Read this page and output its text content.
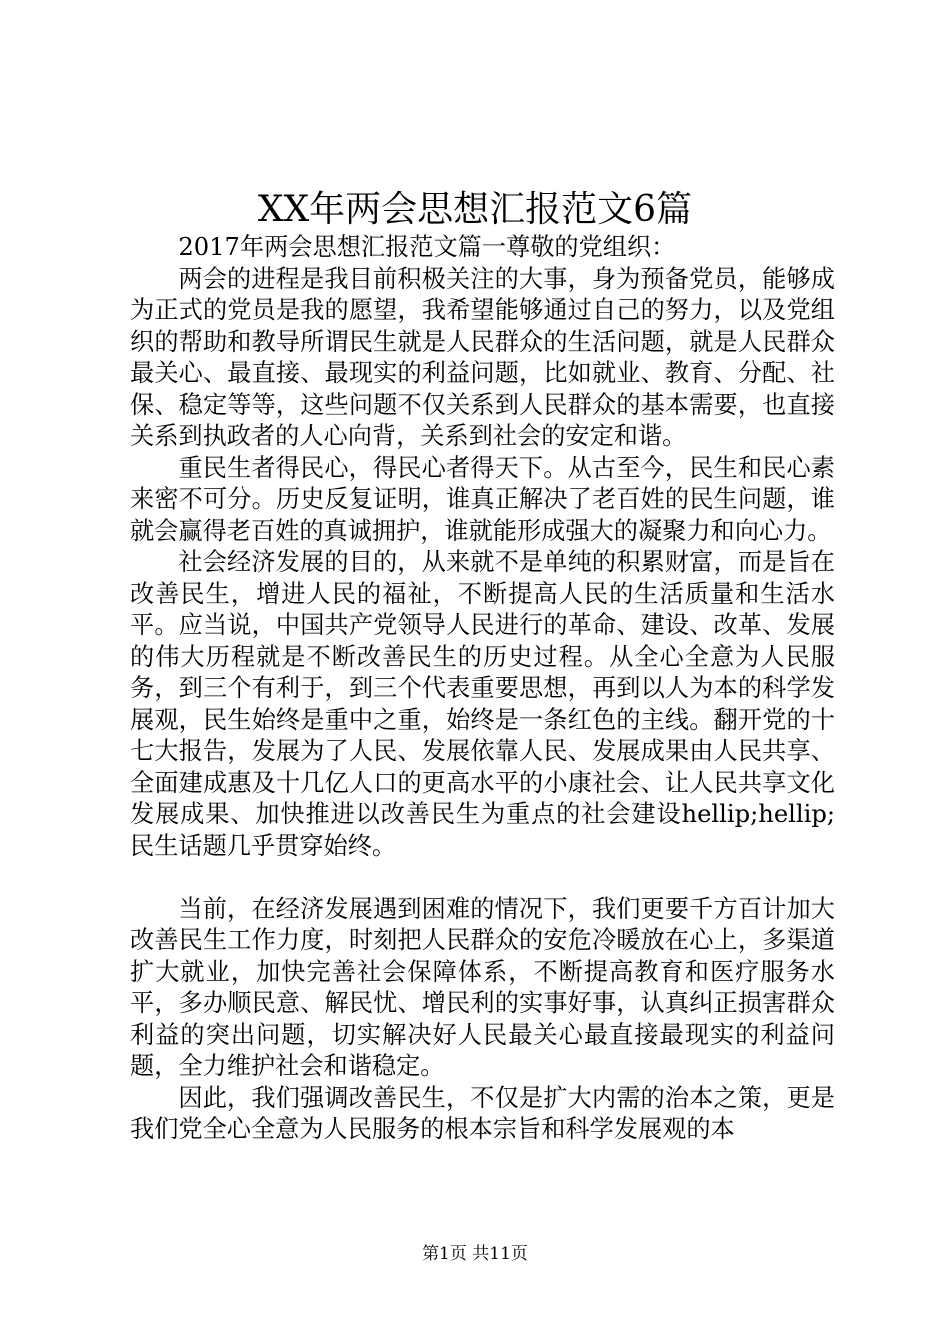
XX年两会思想汇报范文6篇

2017年两会思想汇报范文篇一尊敬的党组织：

两会的进程是我目前积极关注的大事，身为预备党员，能够成为正式的党员是我的愿望，我希望能够通过自己的努力，以及党组织的帮助和教导所谓民生就是人民群众的生活问题，就是人民群众最关心、最直接、最现实的利益问题，比如就业、教育、分配、社保、稳定等等，这些问题不仅关系到人民群众的基本需要，也直接关系到执政者的人心向背，关系到社会的安定和谐。

重民生者得民心，得民心者得天下。从古至今，民生和民心素来密不可分。历史反复证明，谁真正解决了老百姓的民生问题，谁就会赢得老百姓的真诚拥护，谁就能形成强大的凝聚力和向心力。

社会经济发展的目的，从来就不是单纯的积累财富，而是旨在改善民生，增进人民的福祉，不断提高人民的生活质量和生活水平。应当说，中国共产党领导人民进行的革命、建设、改革、发展的伟大历程就是不断改善民生的历史过程。从全心全意为人民服务，到三个有利于，到三个代表重要思想，再到以人为本的科学发展观，民生始终是重中之重，始终是一条红色的主线。翻开党的十七大报告，发展为了人民、发展依靠人民、发展成果由人民共享、全面建成惠及十几亿人口的更高水平的小康社会、让人民共享文化发展成果、加快推进以改善民生为重点的社会建设hellip;hellip;民生话题几乎贯穿始终。

当前，在经济发展遇到困难的情况下，我们更要千方百计加大改善民生工作力度，时刻把人民群众的安危冷暖放在心上，多渠道扩大就业，加快完善社会保障体系，不断提高教育和医疗服务水平，多办顺民意、解民忧、增民利的实事好事，认真纠正损害群众利益的突出问题，切实解决好人民最关心最直接最现实的利益问题，全力维护社会和谐稳定。

因此，我们强调改善民生，不仅是扩大内需的治本之策，更是我们党全心全意为人民服务的根本宗旨和科学发展观的本

第1页 共11页
